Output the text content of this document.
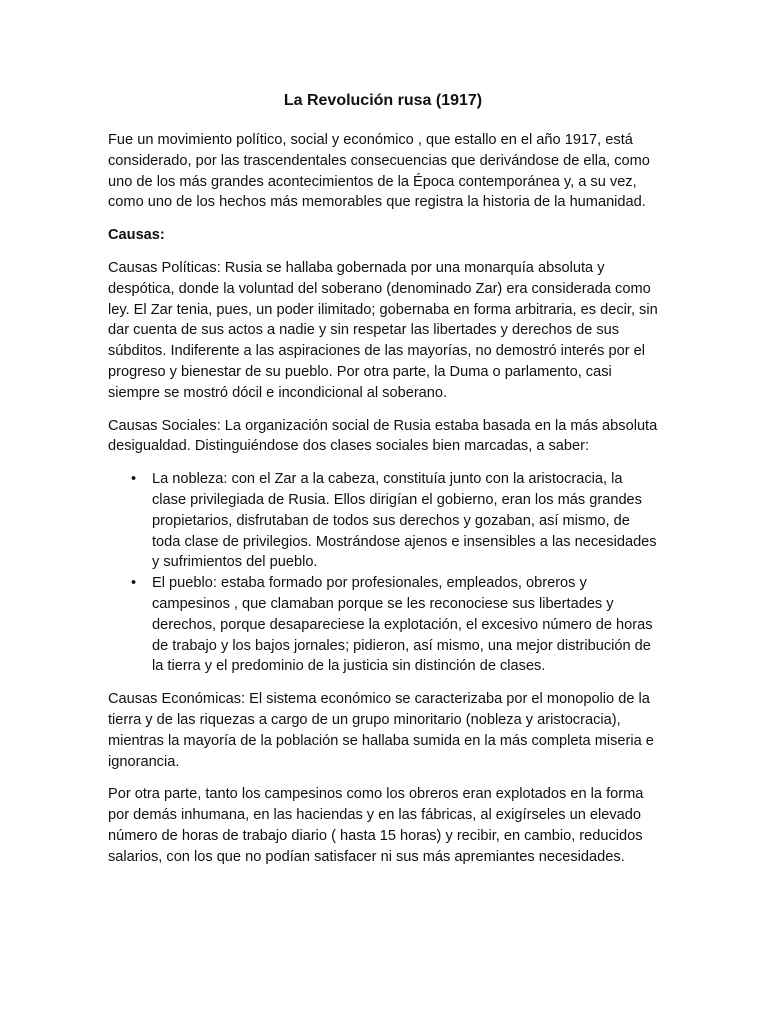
La Revolución rusa (1917)

Fue un movimiento político, social y económico , que estallo en el año 1917, está considerado, por las trascendentales consecuencias que derivándose de ella, como uno de los más grandes acontecimientos de la Época contemporánea y, a su vez, como uno de los hechos más memorables que registra la historia de la humanidad.

Causas:

Causas Políticas: Rusia se hallaba gobernada por una monarquía absoluta y despótica, donde la voluntad del soberano (denominado Zar) era considerada como ley. El Zar tenia, pues, un poder ilimitado; gobernaba en forma arbitraria, es decir, sin dar cuenta de sus actos a nadie y sin respetar las libertades y derechos de sus súbditos. Indiferente a las aspiraciones de las mayorías, no demostró interés por el progreso y bienestar de su pueblo. Por otra parte, la Duma o parlamento, casi siempre se mostró dócil e incondicional al soberano.

Causas Sociales: La organización social de Rusia estaba basada en la más absoluta desigualdad. Distinguiéndose dos clases sociales bien marcadas, a saber:

• La nobleza: con el Zar a la cabeza, constituía junto con la aristocracia, la clase privilegiada de Rusia. Ellos dirigían el gobierno, eran los más grandes propietarios, disfrutaban de todos sus derechos y gozaban, así mismo, de toda clase de privilegios. Mostrándose ajenos e insensibles a las necesidades y sufrimientos del pueblo.
• El pueblo: estaba formado por profesionales, empleados, obreros y campesinos , que clamaban porque se les reconociese sus libertades y derechos, porque desapareciese la explotación, el excesivo número de horas de trabajo y los bajos jornales; pidieron, así mismo, una mejor distribución de la tierra y el predominio de la justicia sin distinción de clases.

Causas Económicas: El sistema económico se caracterizaba por el monopolio de la tierra y de las riquezas a cargo de un grupo minoritario (nobleza y aristocracia), mientras la mayoría de la población se hallaba sumida en la más completa miseria e ignorancia.

Por otra parte, tanto los campesinos como los obreros eran explotados en la forma por demás inhumana, en las haciendas y en las fábricas, al exigírseles un elevado número de horas de trabajo diario ( hasta 15 horas) y recibir, en cambio, reducidos salarios, con los que no podían satisfacer ni sus más apremiantes necesidades.
